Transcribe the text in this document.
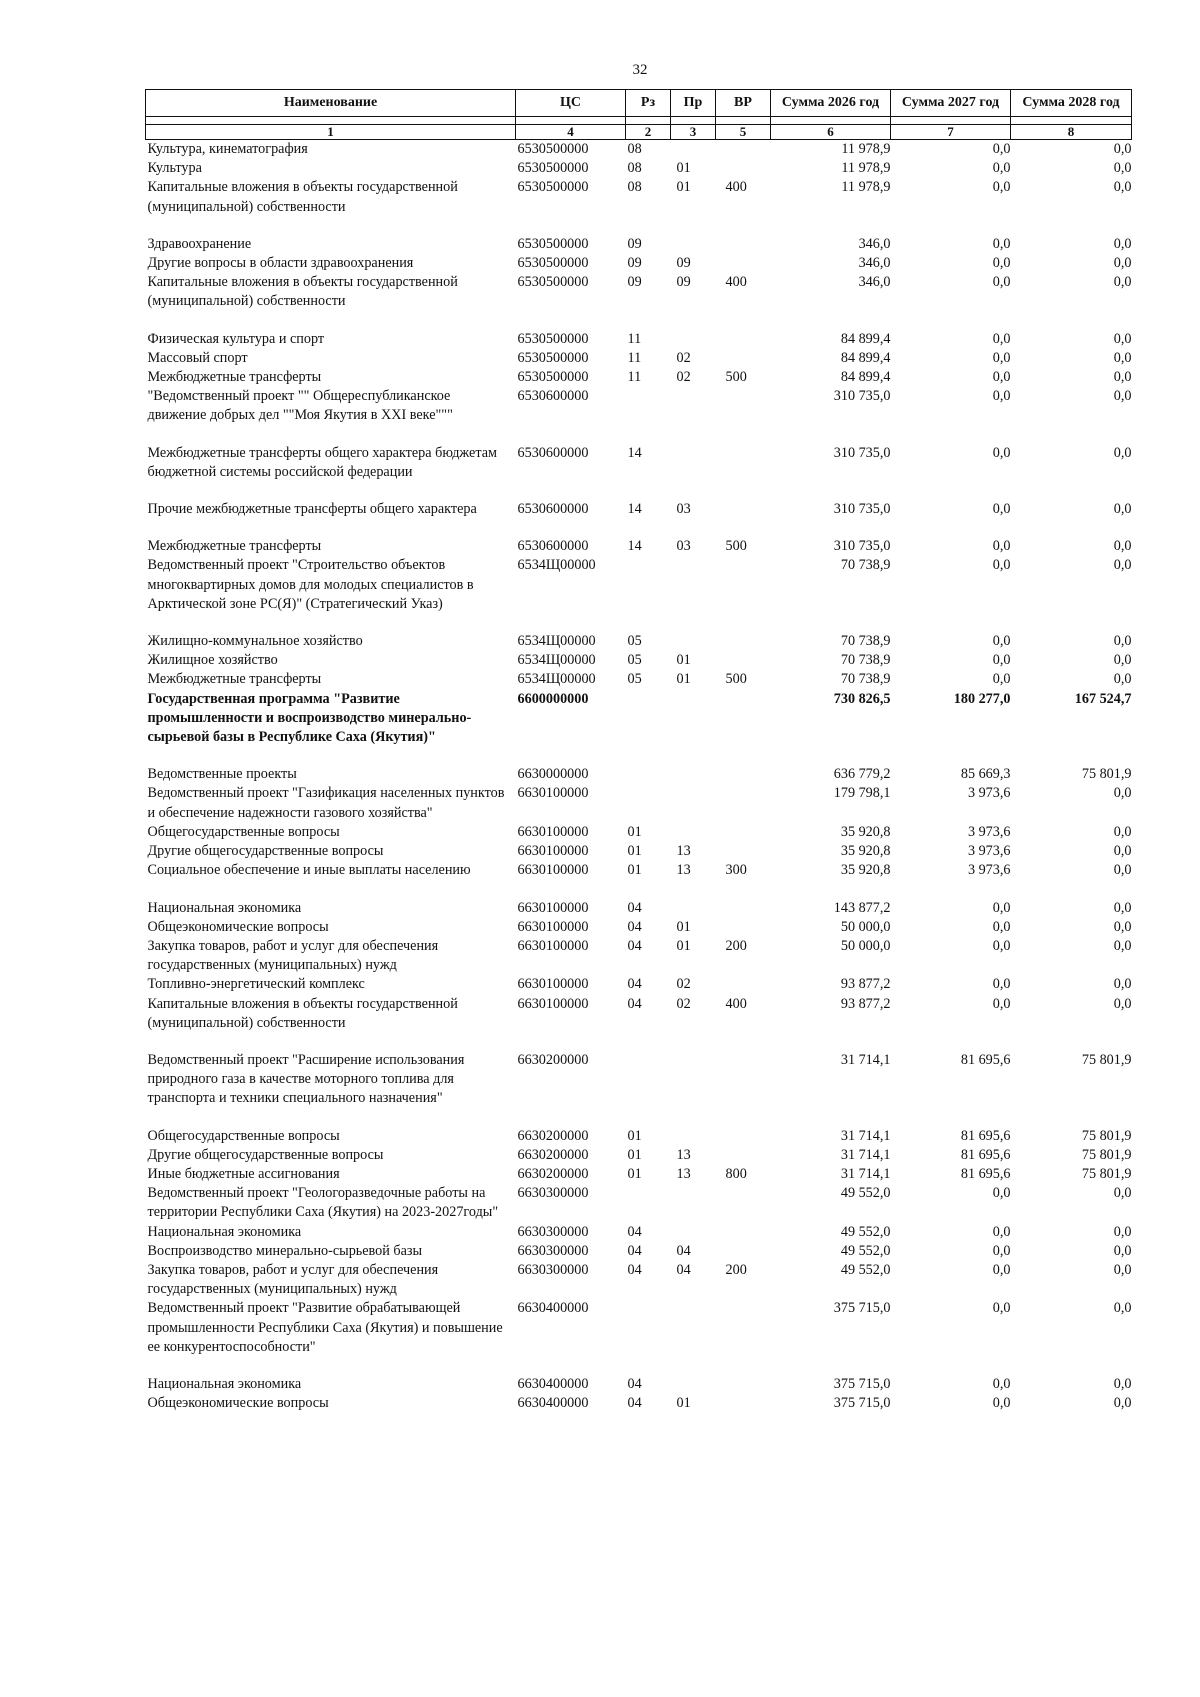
32
Наименование	ЦС	Рз	Пр	ВР	Сумма 2026 год	Сумма 2027 год	Сумма 2028 год

1	4	2	3	5	6	7	8
Культура, кинематография	6530500000	08			11 978,9	0,0	0,0
Культура	6530500000	08	01		11 978,9	0,0	0,0
Капитальные вложения в объекты государственной (муниципальной) собственности	6530500000	08	01	400	11 978,9	0,0	0,0
Здравоохранение	6530500000	09			346,0	0,0	0,0
Другие вопросы в области здравоохранения	6530500000	09	09		346,0	0,0	0,0
Капитальные вложения в объекты государственной (муниципальной) собственности	6530500000	09	09	400	346,0	0,0	0,0
Физическая культура и спорт	6530500000	11			84 899,4	0,0	0,0
Массовый спорт	6530500000	11	02		84 899,4	0,0	0,0
Межбюджетные трансферты	6530500000	11	02	500	84 899,4	0,0	0,0
"Ведомственный проект "" Общереспубликанское движение добрых дел ""Моя Якутия в XXI веке"""	6530600000				310 735,0	0,0	0,0
Межбюджетные трансферты общего характера бюджетам бюджетной системы российской федерации	6530600000	14			310 735,0	0,0	0,0
Прочие межбюджетные трансферты общего характера	6530600000	14	03		310 735,0	0,0	0,0
Межбюджетные трансферты	6530600000	14	03	500	310 735,0	0,0	0,0
Ведомственный проект "Строительство объектов многоквартирных домов для молодых специалистов в Арктической зоне РС(Я)" (Стратегический Указ)	6534Щ00000				70 738,9	0,0	0,0
Жилищно-коммунальное хозяйство	6534Щ00000	05			70 738,9	0,0	0,0
Жилищное хозяйство	6534Щ00000	05	01		70 738,9	0,0	0,0
Межбюджетные трансферты	6534Щ00000	05	01	500	70 738,9	0,0	0,0
Государственная программа "Развитие промышленности и воспроизводство минерально-сырьевой базы в Республике Саха (Якутия)"	6600000000				730 826,5	180 277,0	167 524,7
Ведомственные проекты	6630000000				636 779,2	85 669,3	75 801,9
Ведомственный проект "Газификация населенных пунктов и обеспечение надежности газового хозяйства"	6630100000				179 798,1	3 973,6	0,0
Общегосударственные вопросы	6630100000	01			35 920,8	3 973,6	0,0
Другие общегосударственные вопросы	6630100000	01	13		35 920,8	3 973,6	0,0
Социальное обеспечение и иные выплаты населению	6630100000	01	13	300	35 920,8	3 973,6	0,0
Национальная экономика	6630100000	04			143 877,2	0,0	0,0
Общеэкономические вопросы	6630100000	04	01		50 000,0	0,0	0,0
Закупка товаров, работ и услуг для обеспечения государственных (муниципальных) нужд	6630100000	04	01	200	50 000,0	0,0	0,0
Топливно-энергетический комплекс	6630100000	04	02		93 877,2	0,0	0,0
Капитальные вложения в объекты государственной (муниципальной) собственности	6630100000	04	02	400	93 877,2	0,0	0,0
Ведомственный проект "Расширение использования природного газа в качестве моторного топлива для транспорта и техники специального назначения"	6630200000				31 714,1	81 695,6	75 801,9
Общегосударственные вопросы	6630200000	01			31 714,1	81 695,6	75 801,9
Другие общегосударственные вопросы	6630200000	01	13		31 714,1	81 695,6	75 801,9
Иные бюджетные ассигнования	6630200000	01	13	800	31 714,1	81 695,6	75 801,9
Ведомственный проект "Геологоразведочные работы на территории Республики Саха (Якутия) на 2023-2027годы"	6630300000				49 552,0	0,0	0,0
Национальная экономика	6630300000	04			49 552,0	0,0	0,0
Воспроизводство минерально-сырьевой базы	6630300000	04	04		49 552,0	0,0	0,0
Закупка товаров, работ и услуг для обеспечения государственных (муниципальных) нужд	6630300000	04	04	200	49 552,0	0,0	0,0
Ведомственный проект "Развитие обрабатывающей промышленности Республики Саха (Якутия) и повышение ее конкурентоспособности"	6630400000				375 715,0	0,0	0,0
Национальная экономика	6630400000	04			375 715,0	0,0	0,0
Общеэкономические вопросы	6630400000	04	01		375 715,0	0,0	0,0
